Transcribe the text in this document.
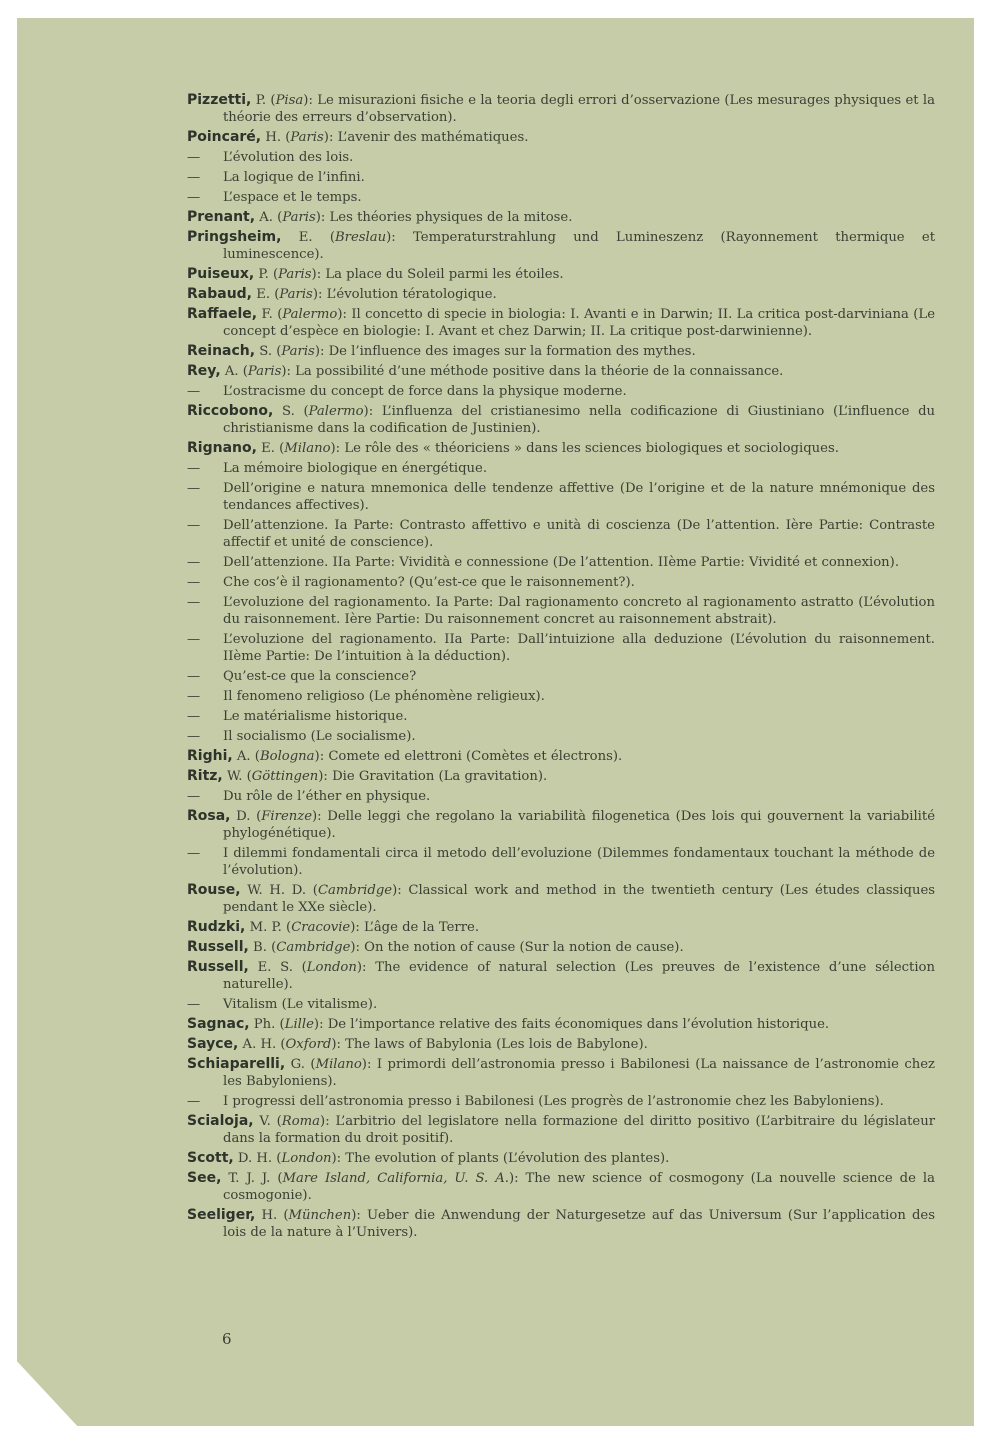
Pizzetti, P. (Pisa): Le misurazioni fisiche e la teoria degli errori d’osservazione (Les mesurages physiques et la théorie des erreurs d’observation).
Poincaré, H. (Paris): L’avenir des mathématiques.
— L’évolution des lois.
— La logique de l’infini.
— L’espace et le temps.
Prenant, A. (Paris): Les théories physiques de la mitose.
Pringsheim, E. (Breslau): Temperaturstrahlung und Lumineszenz (Rayonnement thermique et luminescence).
Puiseux, P. (Paris): La place du Soleil parmi les étoiles.
Rabaud, E. (Paris): L’évolution tératologique.
Raffaele, F. (Palermo): Il concetto di specie in biologia: I. Avanti e in Darwin; II. La critica post-darviniana (Le concept d’espèce en biologie: I. Avant et chez Darwin; II. La critique post-darwinienne).
Reinach, S. (Paris): De l’influence des images sur la formation des mythes.
Rey, A. (Paris): La possibilité d’une méthode positive dans la théorie de la connaissance.
— L’ostracisme du concept de force dans la physique moderne.
Riccobono, S. (Palermo): L’influenza del cristianesimo nella codificazione di Giustiniano (L’influence du christianisme dans la codification de Justinien).
Rignano, E. (Milano): Le rôle des « théoriciens » dans les sciences biologiques et sociologiques.
— La mémoire biologique en énergétique.
— Dell’origine e natura mnemonica delle tendenze affettive (De l’origine et de la nature mnémonique des tendances affectives).
— Dell’attenzione. Ia Parte: Contrasto affettivo e unità di coscienza (De l’attention. Ière Partie: Contraste affectif et unité de conscience).
— Dell’attenzione. IIa Parte: Vividità e connessione (De l’attention. IIème Partie: Vividité et connexion).
— Che cos’è il ragionamento? (Qu’est-ce que le raisonnement?).
— L’evoluzione del ragionamento. Ia Parte: Dal ragionamento concreto al ragionamento astratto (L’évolution du raisonnement. Ière Partie: Du raisonnement concret au raisonnement abstrait).
— L’evoluzione del ragionamento. IIa Parte: Dall’intuizione alla deduzione (L’évolution du raisonnement. IIème Partie: De l’intuition à la déduction).
— Qu’est-ce que la conscience?
— Il fenomeno religioso (Le phénomène religieux).
— Le matérialisme historique.
— Il socialismo (Le socialisme).
Righi, A. (Bologna): Comete ed elettroni (Comètes et électrons).
Ritz, W. (Göttingen): Die Gravitation (La gravitation).
— Du rôle de l’éther en physique.
Rosa, D. (Firenze): Delle leggi che regolano la variabilità filogenetica (Des lois qui gouvernent la variabilité phylogénétique).
— I dilemmi fondamentali circa il metodo dell’evoluzione (Dilemmes fondamentaux touchant la méthode de l’évolution).
Rouse, W. H. D. (Cambridge): Classical work and method in the twentieth century (Les études classiques pendant le XXe siècle).
Rudzki, M. P. (Cracovie): L’âge de la Terre.
Russell, B. (Cambridge): On the notion of cause (Sur la notion de cause).
Russell, E. S. (London): The evidence of natural selection (Les preuves de l’existence d’une sélection naturelle).
— Vitalism (Le vitalisme).
Sagnac, Ph. (Lille): De l’importance relative des faits économiques dans l’évolution historique.
Sayce, A. H. (Oxford): The laws of Babylonia (Les lois de Babylone).
Schiaparelli, G. (Milano): I primordi dell’astronomia presso i Babilonesi (La naissance de l’astronomie chez les Babyloniens).
— I progressi dell’astronomia presso i Babilonesi (Les progrès de l’astronomie chez les Babyloniens).
Scialoja, V. (Roma): L’arbitrio del legislatore nella formazione del diritto positivo (L’arbitraire du législateur dans la formation du droit positif).
Scott, D. H. (London): The evolution of plants (L’évolution des plantes).
See, T. J. J. (Mare Island, California, U. S. A.): The new science of cosmogony (La nouvelle science de la cosmogonie).
Seeliger, H. (München): Ueber die Anwendung der Naturgesetze auf das Universum (Sur l’application des lois de la nature à l’Univers).
6
